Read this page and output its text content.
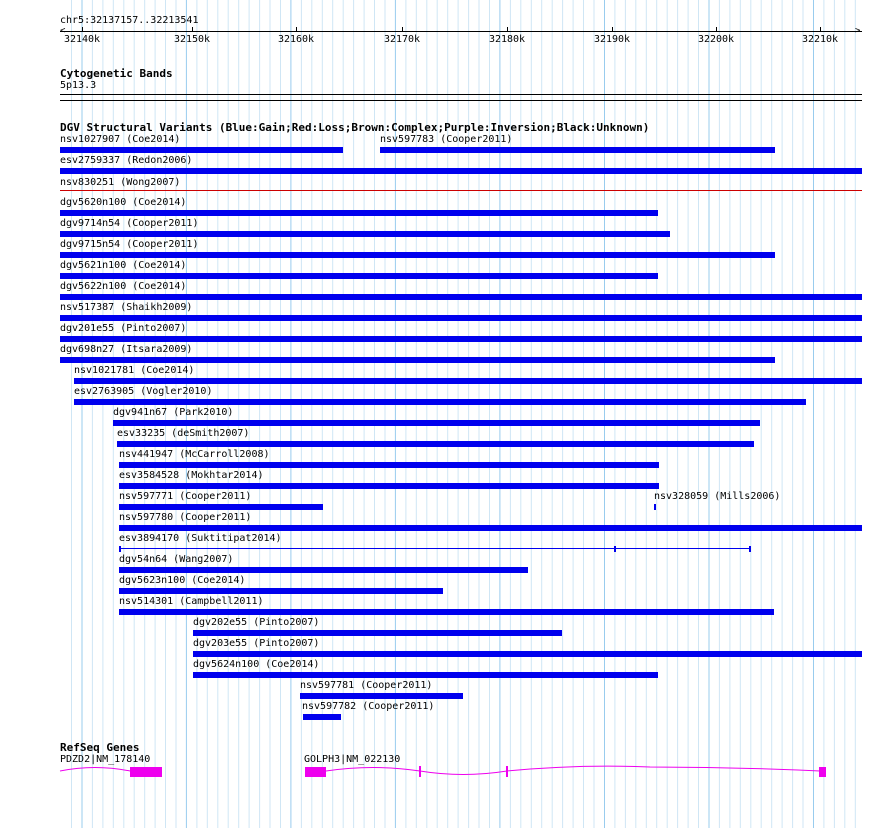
chr5:32137157..32213541
<	>
32140k	32150k	32160k	32170k	32180k	32190k	32200k	32210k
Cytogenetic Bands
5p13.3
DGV Structural Variants (Blue:Gain;Red:Loss;Brown:Complex;Purple:Inversion;Black:Unknown)
nsv1027907 (Coe2014)	nsv597783 (Cooper2011)
esv2759337 (Redon2006)
nsv830251 (Wong2007)
dgv5620n100 (Coe2014)
dgv9714n54 (Cooper2011)
dgv9715n54 (Cooper2011)
dgv5621n100 (Coe2014)
dgv5622n100 (Coe2014)
nsv517387 (Shaikh2009)
dgv201e55 (Pinto2007)
dgv698n27 (Itsara2009)
nsv1021781 (Coe2014)
esv2763905 (Vogler2010)
dgv941n67 (Park2010)
esv33235 (deSmith2007)
nsv441947 (McCarroll2008)
esv3584528 (Mokhtar2014)
nsv597771 (Cooper2011)	nsv328059 (Mills2006)
nsv597780 (Cooper2011)
esv3894170 (Suktitipat2014)
dgv54n64 (Wang2007)
dgv5623n100 (Coe2014)
nsv514301 (Campbell2011)
dgv202e55 (Pinto2007)
dgv203e55 (Pinto2007)
dgv5624n100 (Coe2014)
nsv597781 (Cooper2011)
nsv597782 (Cooper2011)
RefSeq Genes
PDZD2|NM_178140	GOLPH3|NM_022130
